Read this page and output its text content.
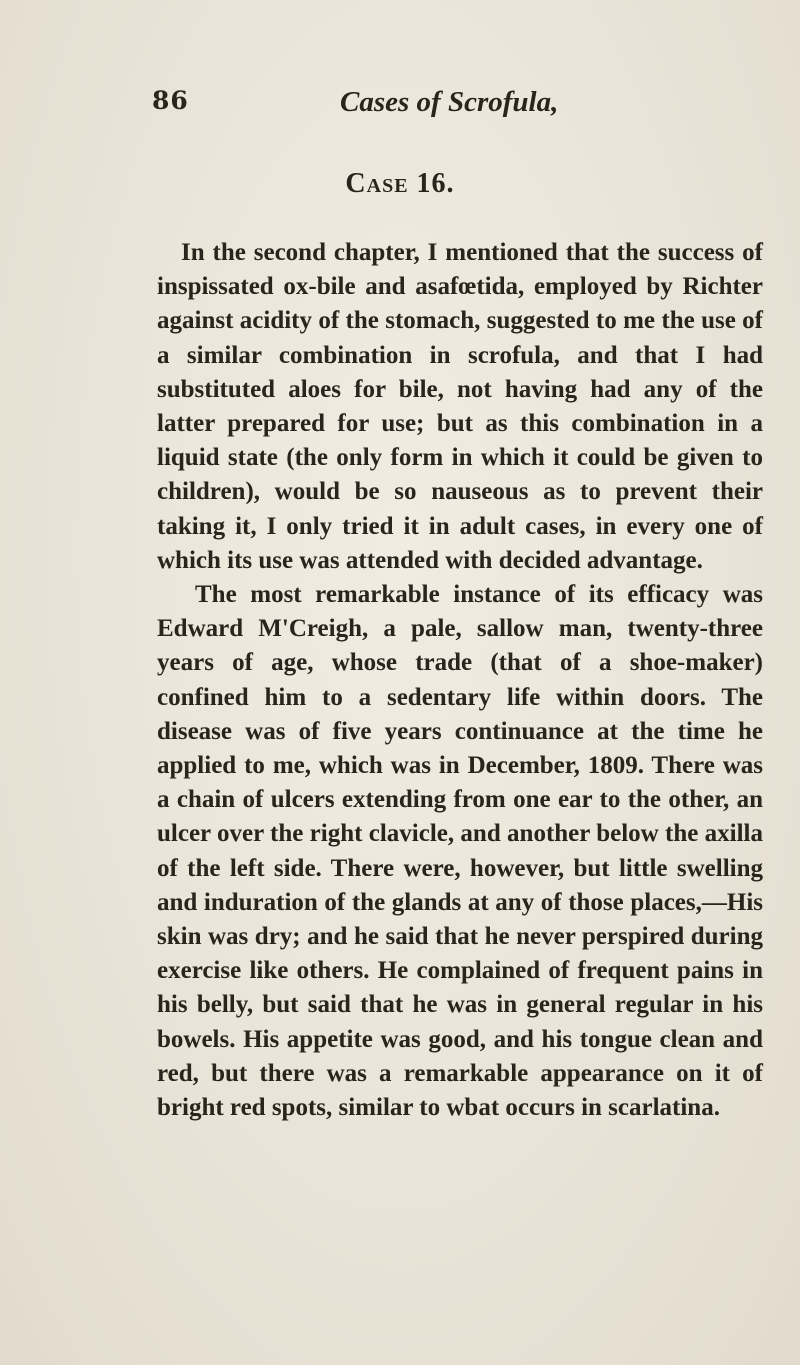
86	Cases of Scrofula,
Case 16.

In the second chapter, I mentioned that the success of inspissated ox-bile and asafœtida, employed by Richter against acidity of the stomach, suggested to me the use of a similar combination in scrofula, and that I had substituted aloes for bile, not having had any of the latter prepared for use; but as this combination in a liquid state (the only form in which it could be given to children), would be so nauseous as to prevent their taking it, I only tried it in adult cases, in every one of which its use was attended with decided advantage.

The most remarkable instance of its efficacy was Edward M'Creigh, a pale, sallow man, twenty-three years of age, whose trade (that of a shoe-maker) confined him to a sedentary life within doors. The disease was of five years continuance at the time he applied to me, which was in December, 1809. There was a chain of ulcers extending from one ear to the other, an ulcer over the right clavicle, and another below the axilla of the left side. There were, however, but little swelling and induration of the glands at any of those places,—His skin was dry; and he said that he never perspired during exercise like others. He complained of frequent pains in his belly, but said that he was in general regular in his bowels. His appetite was good, and his tongue clean and red, but there was a remarkable appearance on it of bright red spots, similar to wbat occurs in scarlatina.
